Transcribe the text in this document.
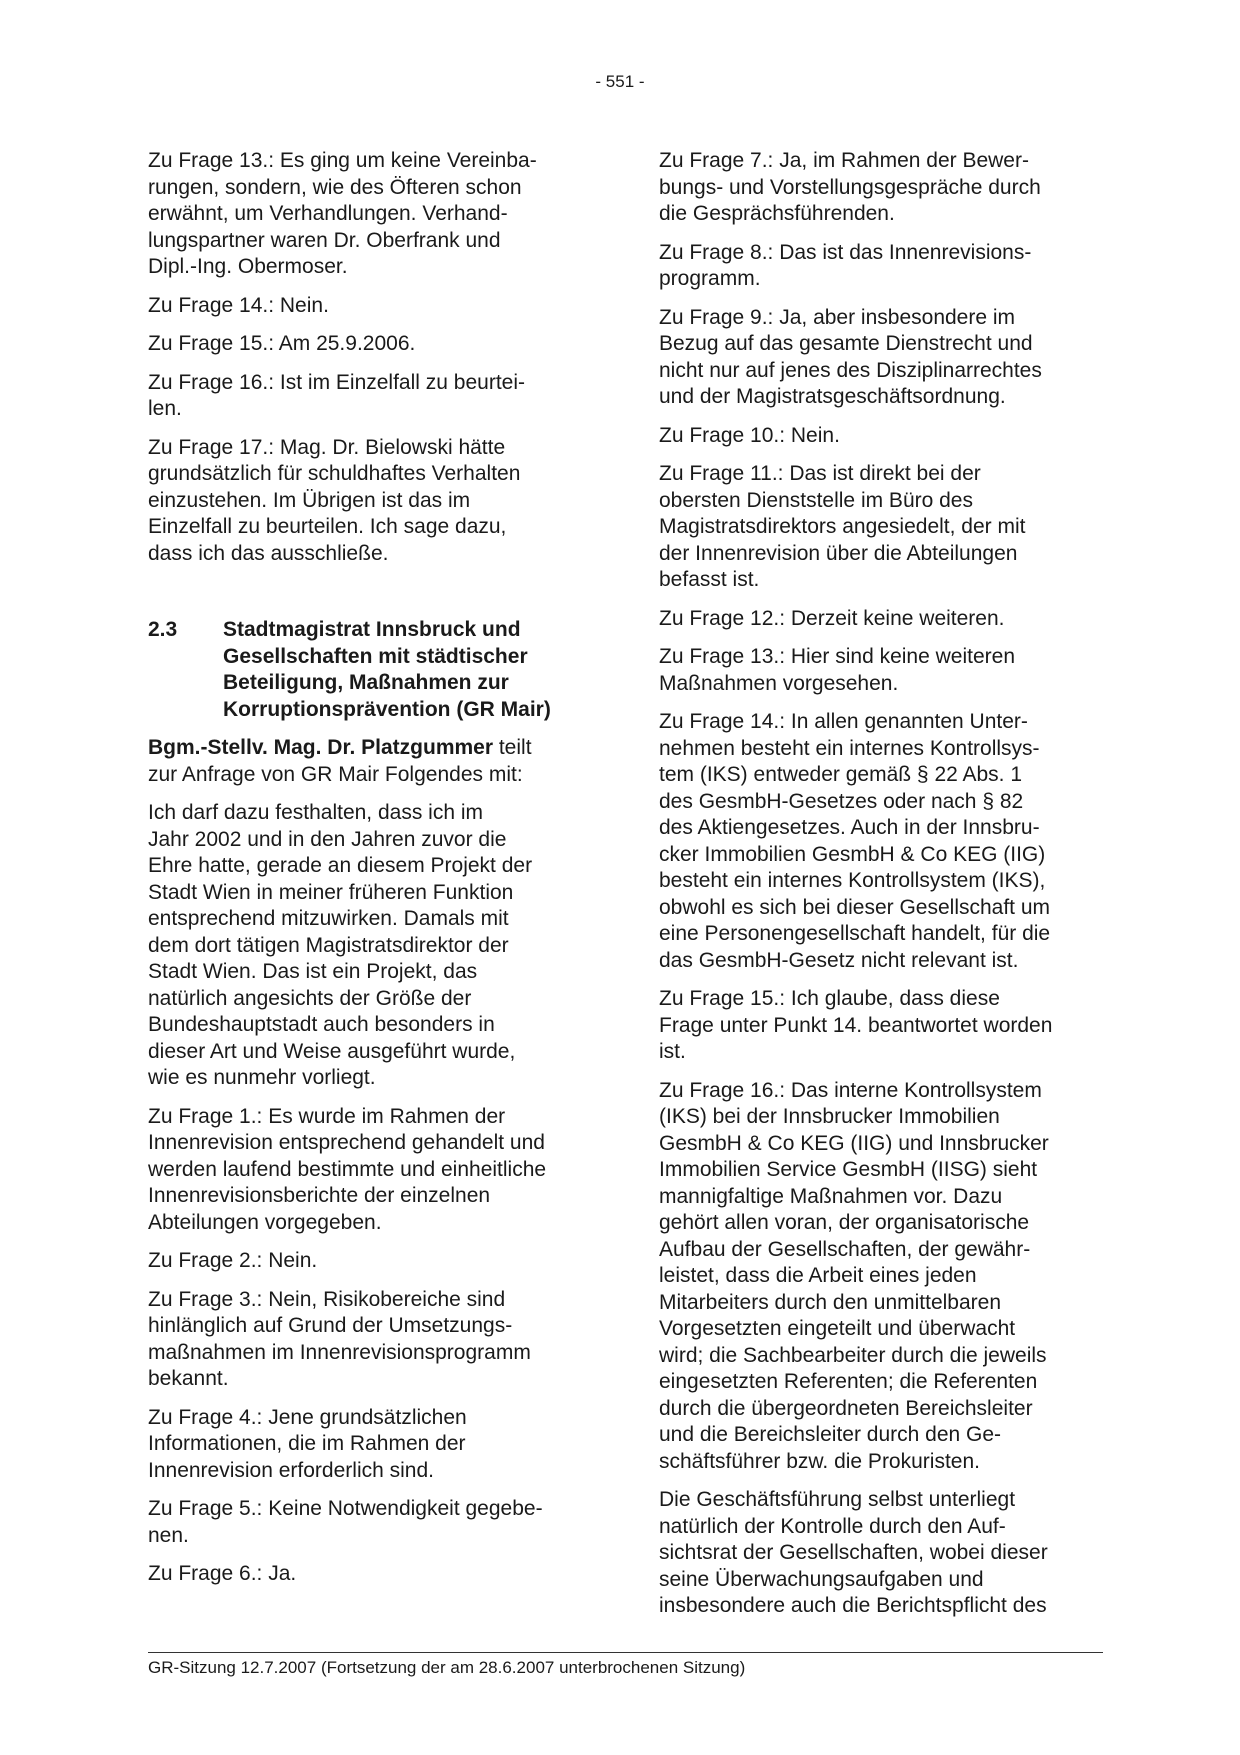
- 551 -

Zu Frage 13.: Es ging um keine Vereinba-
rungen, sondern, wie des Öfteren schon
erwähnt, um Verhandlungen. Verhand-
lungspartner waren Dr. Oberfrank und
Dipl.-Ing. Obermoser.

Zu Frage 14.: Nein.

Zu Frage 15.: Am 25.9.2006.

Zu Frage 16.: Ist im Einzelfall zu beurtei-
len.

Zu Frage 17.: Mag. Dr. Bielowski hätte
grundsätzlich für schuldhaftes Verhalten
einzustehen. Im Übrigen ist das im
Einzelfall zu beurteilen. Ich sage dazu,
dass ich das ausschließe.

2.3	Stadtmagistrat Innsbruck und
Gesellschaften mit städtischer
Beteiligung, Maßnahmen zur
Korruptionsprävention (GR Mair)

Bgm.-Stellv. Mag. Dr. Platzgummer teilt
zur Anfrage von GR Mair Folgendes mit:

Ich darf dazu festhalten, dass ich im
Jahr 2002 und in den Jahren zuvor die
Ehre hatte, gerade an diesem Projekt der
Stadt Wien in meiner früheren Funktion
entsprechend mitzuwirken. Damals mit
dem dort tätigen Magistratsdirektor der
Stadt Wien. Das ist ein Projekt, das
natürlich angesichts der Größe der
Bundeshauptstadt auch besonders in
dieser Art und Weise ausgeführt wurde,
wie es nunmehr vorliegt.

Zu Frage 1.: Es wurde im Rahmen der
Innenrevision entsprechend gehandelt und
werden laufend bestimmte und einheitliche
Innenrevisionsberichte der einzelnen
Abteilungen vorgegeben.

Zu Frage 2.: Nein.

Zu Frage 3.: Nein, Risikobereiche sind
hinlänglich auf Grund der Umsetzungs-
maßnahmen im Innenrevisionsprogramm
bekannt.

Zu Frage 4.: Jene grundsätzlichen
Informationen, die im Rahmen der
Innenrevision erforderlich sind.

Zu Frage 5.: Keine Notwendigkeit gegebe-
nen.

Zu Frage 6.: Ja.

Zu Frage 7.: Ja, im Rahmen der Bewer-
bungs- und Vorstellungsgespräche durch
die Gesprächsführenden.

Zu Frage 8.: Das ist das Innenrevisions-
programm.

Zu Frage 9.: Ja, aber insbesondere im
Bezug auf das gesamte Dienstrecht und
nicht nur auf jenes des Disziplinarrechtes
und der Magistratsgeschäftsordnung.

Zu Frage 10.: Nein.

Zu Frage 11.: Das ist direkt bei der
obersten Dienststelle im Büro des
Magistratsdirektors angesiedelt, der mit
der Innenrevision über die Abteilungen
befasst ist.

Zu Frage 12.: Derzeit keine weiteren.

Zu Frage 13.: Hier sind keine weiteren
Maßnahmen vorgesehen.

Zu Frage 14.: In allen genannten Unter-
nehmen besteht ein internes Kontrollsys-
tem (IKS) entweder gemäß § 22 Abs. 1
des GesmbH-Gesetzes oder nach § 82
des Aktiengesetzes. Auch in der Innsbru-
cker Immobilien GesmbH & Co KEG (IIG)
besteht ein internes Kontrollsystem (IKS),
obwohl es sich bei dieser Gesellschaft um
eine Personengesellschaft handelt, für die
das GesmbH-Gesetz nicht relevant ist.

Zu Frage 15.: Ich glaube, dass diese
Frage unter Punkt 14. beantwortet worden
ist.

Zu Frage 16.: Das interne Kontrollsystem
(IKS) bei der Innsbrucker Immobilien
GesmbH & Co KEG (IIG) und Innsbrucker
Immobilien Service GesmbH (IISG) sieht
mannigfaltige Maßnahmen vor. Dazu
gehört allen voran, der organisatorische
Aufbau der Gesellschaften, der gewähr-
leistet, dass die Arbeit eines jeden
Mitarbeiters durch den unmittelbaren
Vorgesetzten eingeteilt und überwacht
wird; die Sachbearbeiter durch die jeweils
eingesetzten Referenten; die Referenten
durch die übergeordneten Bereichsleiter
und die Bereichsleiter durch den Ge-
schäftsführer bzw. die Prokuristen.

Die Geschäftsführung selbst unterliegt
natürlich der Kontrolle durch den Auf-
sichtsrat der Gesellschaften, wobei dieser
seine Überwachungsaufgaben und
insbesondere auch die Berichtspflicht des

GR-Sitzung 12.7.2007 (Fortsetzung der am 28.6.2007 unterbrochenen Sitzung)
